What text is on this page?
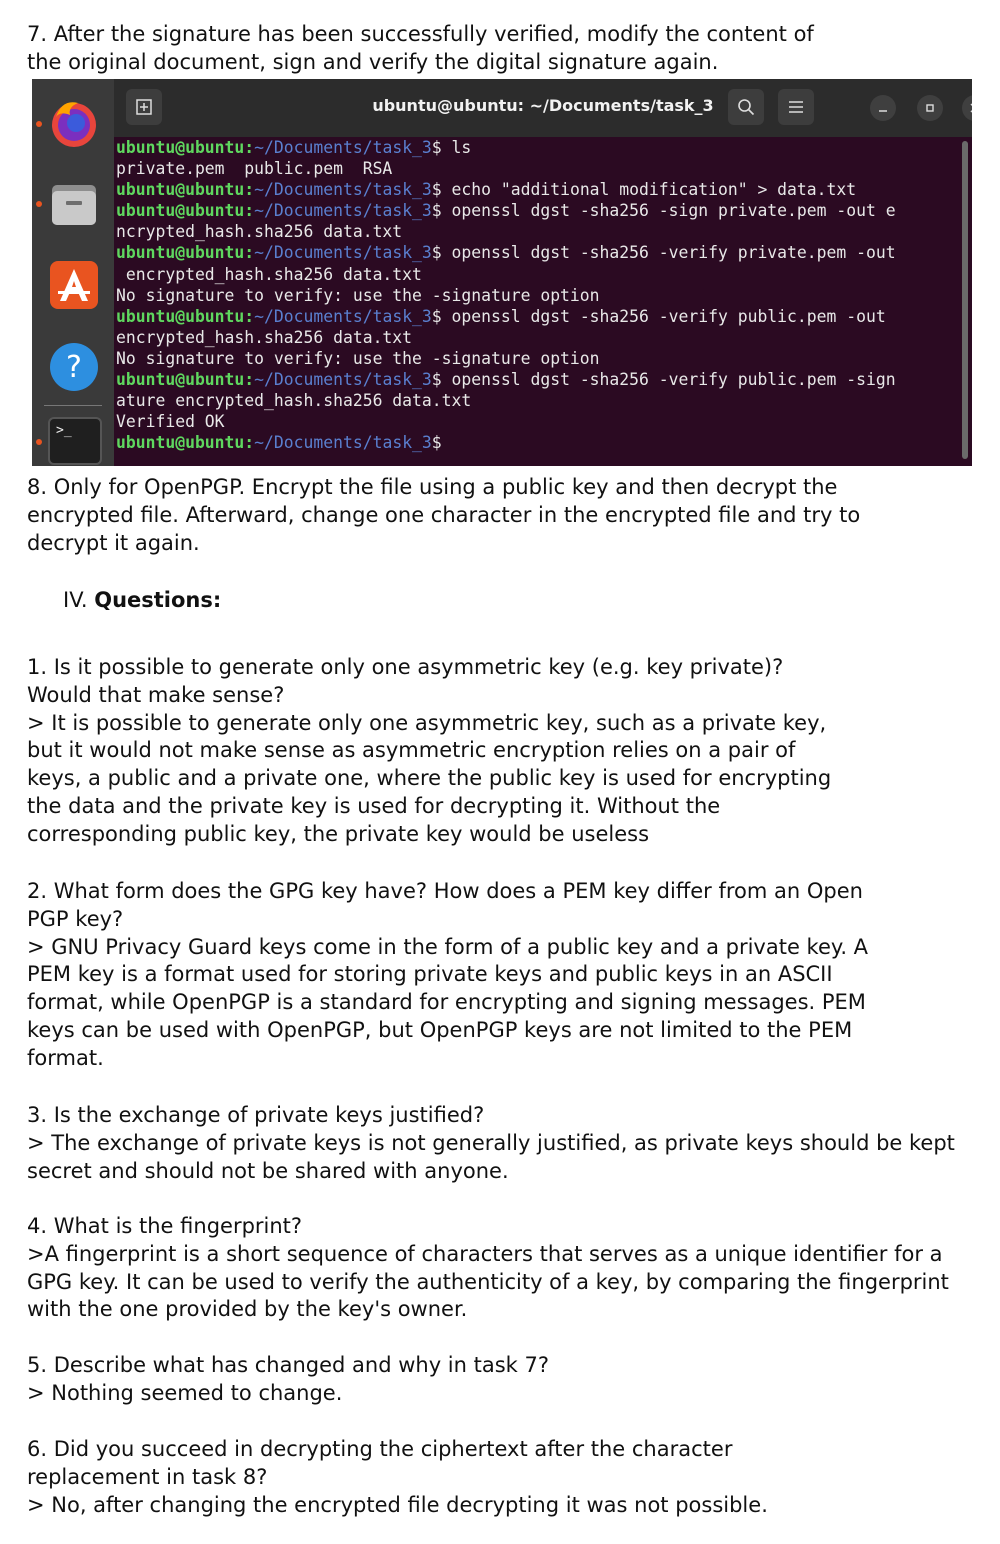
7. After the signature has been successfully verified, modify the content of
the original document, sign and verify the digital signature again.
?
>_
ubuntu@ubuntu: ~/Documents/task_3
ubuntu@ubuntu:~/Documents/task_3$ ls
private.pem  public.pem  RSA
ubuntu@ubuntu:~/Documents/task_3$ echo "additional modification" > data.txt
ubuntu@ubuntu:~/Documents/task_3$ openssl dgst -sha256 -sign private.pem -out e
ncrypted_hash.sha256 data.txt
ubuntu@ubuntu:~/Documents/task_3$ openssl dgst -sha256 -verify private.pem -out
encrypted_hash.sha256 data.txt
No signature to verify: use the -signature option
ubuntu@ubuntu:~/Documents/task_3$ openssl dgst -sha256 -verify public.pem -out
encrypted_hash.sha256 data.txt
No signature to verify: use the -signature option
ubuntu@ubuntu:~/Documents/task_3$ openssl dgst -sha256 -verify public.pem -sign
ature encrypted_hash.sha256 data.txt
Verified OK
ubuntu@ubuntu:~/Documents/task_3$
8. Only for OpenPGP. Encrypt the file using a public key and then decrypt the
encrypted file. Afterward, change one character in the encrypted file and try to
decrypt it again.
IV. Questions:
1. Is it possible to generate only one asymmetric key (e.g. key private)?
Would that make sense?
> It is possible to generate only one asymmetric key, such as a private key,
but it would not make sense as asymmetric encryption relies on a pair of
keys, a public and a private one, where the public key is used for encrypting
the data and the private key is used for decrypting it. Without the
corresponding public key, the private key would be useless
2. What form does the GPG key have? How does a PEM key differ from an Open
PGP key?
> GNU Privacy Guard keys come in the form of a public key and a private key. A
PEM key is a format used for storing private keys and public keys in an ASCII
format, while OpenPGP is a standard for encrypting and signing messages. PEM
keys can be used with OpenPGP, but OpenPGP keys are not limited to the PEM
format.
3. Is the exchange of private keys justified?
> The exchange of private keys is not generally justified, as private keys should be kept
secret and should not be shared with anyone.
4. What is the fingerprint?
>A fingerprint is a short sequence of characters that serves as a unique identifier for a
GPG key. It can be used to verify the authenticity of a key, by comparing the fingerprint
with the one provided by the key's owner.
5. Describe what has changed and why in task 7?
> Nothing seemed to change.
6. Did you succeed in decrypting the ciphertext after the character
replacement in task 8?
> No, after changing the encrypted file decrypting it was not possible.
